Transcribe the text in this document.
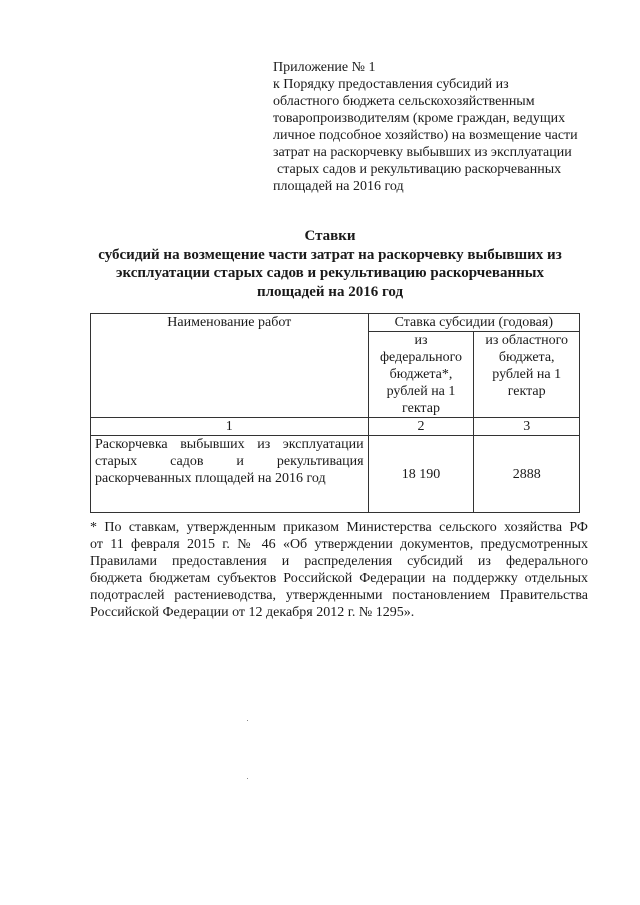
Приложение № 1
к Порядку предоставления субсидий из
областного бюджета сельскохозяйственным
товаропроизводителям (кроме граждан, ведущих
личное подсобное хозяйство) на возмещение части
затрат на раскорчевку выбывших из эксплуатации
старых садов и рекультивацию раскорчеванных
площадей на 2016 год
Ставки
субсидий на возмещение части затрат на раскорчевку выбывших из
эксплуатации старых садов и рекультивацию раскорчеванных
площадей на 2016 год
Наименование работ	Ставка субсидии (годовая)	
	из федерального бюджета*, рублей на 1 гектар	из областного бюджета, рублей на 1 гектар
1	2	3
Раскорчевка выбывших из эксплуатации старых садов и рекультивация раскорчеванных площадей на 2016 год	18 190	2888
* По ставкам, утвержденным приказом Министерства сельского хозяйства РФ
от 11 февраля 2015 г. № 46 «Об утверждении документов, предусмотренных
Правилами предоставления и распределения субсидий из федерального
бюджета бюджетам субъектов Российской Федерации на поддержку отдельных
подотраслей растениеводства, утвержденными постановлением Правительства
Российской Федерации от 12 декабря 2012 г. № 1295».
